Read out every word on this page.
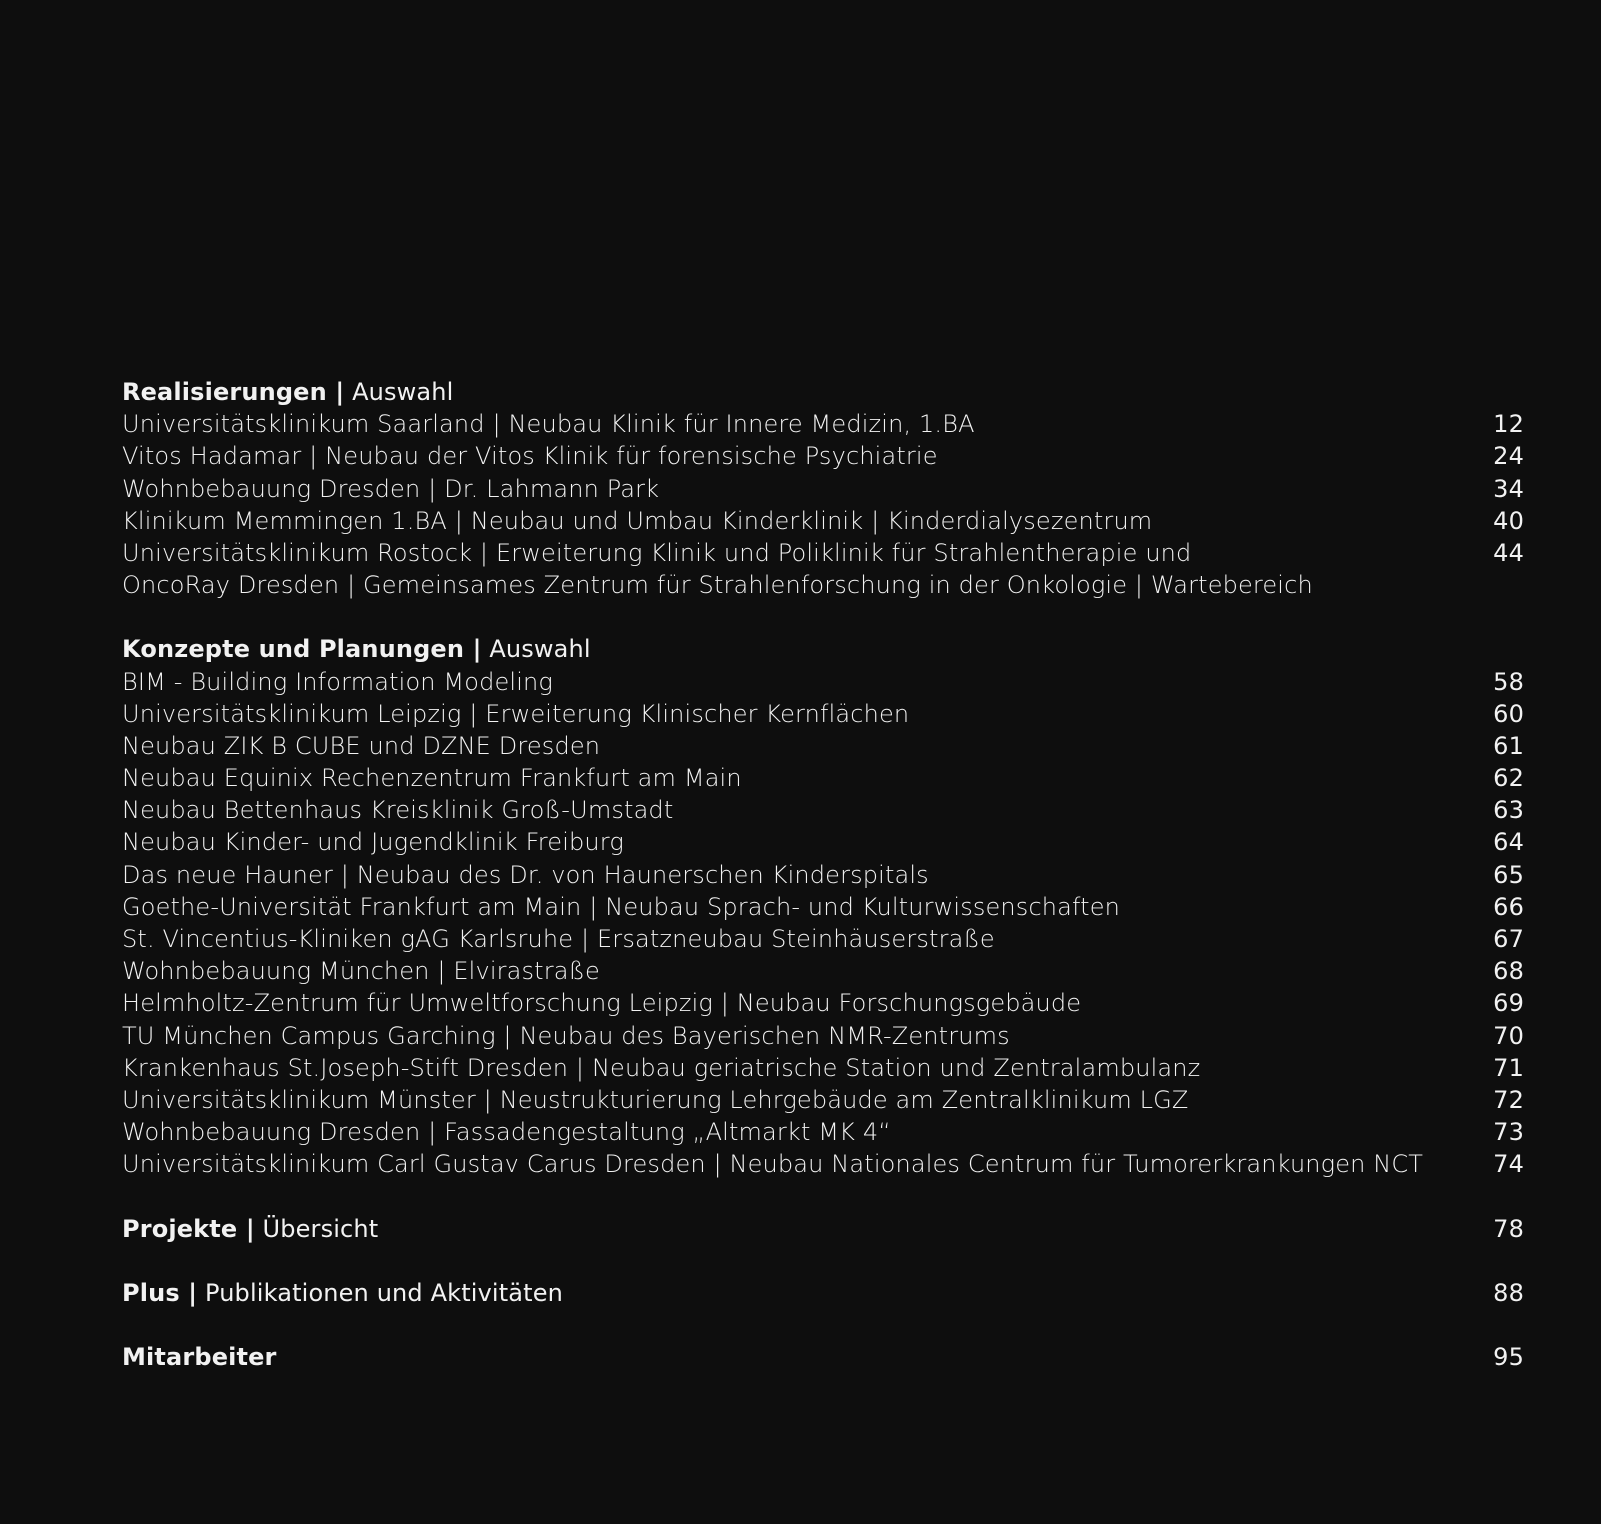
Realisierungen | Auswahl
Universitätsklinikum Saarland | Neubau Klinik für Innere Medizin, 1.BA	12
Vitos Hadamar | Neubau der Vitos Klinik für forensische Psychiatrie	24
Wohnbebauung Dresden | Dr. Lahmann Park	34
Klinikum Memmingen 1.BA | Neubau und Umbau Kinderklinik | Kinderdialysezentrum	40
Universitätsklinikum Rostock | Erweiterung Klinik und Poliklinik für Strahlentherapie und	44
OncoRay Dresden | Gemeinsames Zentrum für Strahlenforschung in der Onkologie | Wartebereich
Konzepte und Planungen | Auswahl
BIM - Building Information Modeling	58
Universitätsklinikum Leipzig | Erweiterung Klinischer Kernflächen	60
Neubau ZIK B CUBE und DZNE Dresden	61
Neubau Equinix Rechenzentrum Frankfurt am Main	62
Neubau Bettenhaus Kreisklinik Groß-Umstadt	63
Neubau Kinder- und Jugendklinik Freiburg	64
Das neue Hauner | Neubau des Dr. von Haunerschen Kinderspitals	65
Goethe-Universität Frankfurt am Main | Neubau Sprach- und Kulturwissenschaften	66
St. Vincentius-Kliniken gAG Karlsruhe | Ersatzneubau Steinhäuserstraße	67
Wohnbebauung München | Elvirastraße	68
Helmholtz-Zentrum für Umweltforschung Leipzig | Neubau Forschungsgebäude	69
TU München Campus Garching | Neubau des Bayerischen NMR-Zentrums	70
Krankenhaus St.Joseph-Stift Dresden | Neubau geriatrische Station und Zentralambulanz	71
Universitätsklinikum Münster | Neustrukturierung Lehrgebäude am Zentralklinikum LGZ	72
Wohnbebauung Dresden | Fassadengestaltung „Altmarkt MK 4“	73
Universitätsklinikum Carl Gustav Carus Dresden | Neubau Nationales Centrum für Tumorerkrankungen NCT	74
Projekte | Übersicht	78
Plus | Publikationen und Aktivitäten	88
Mitarbeiter	95
